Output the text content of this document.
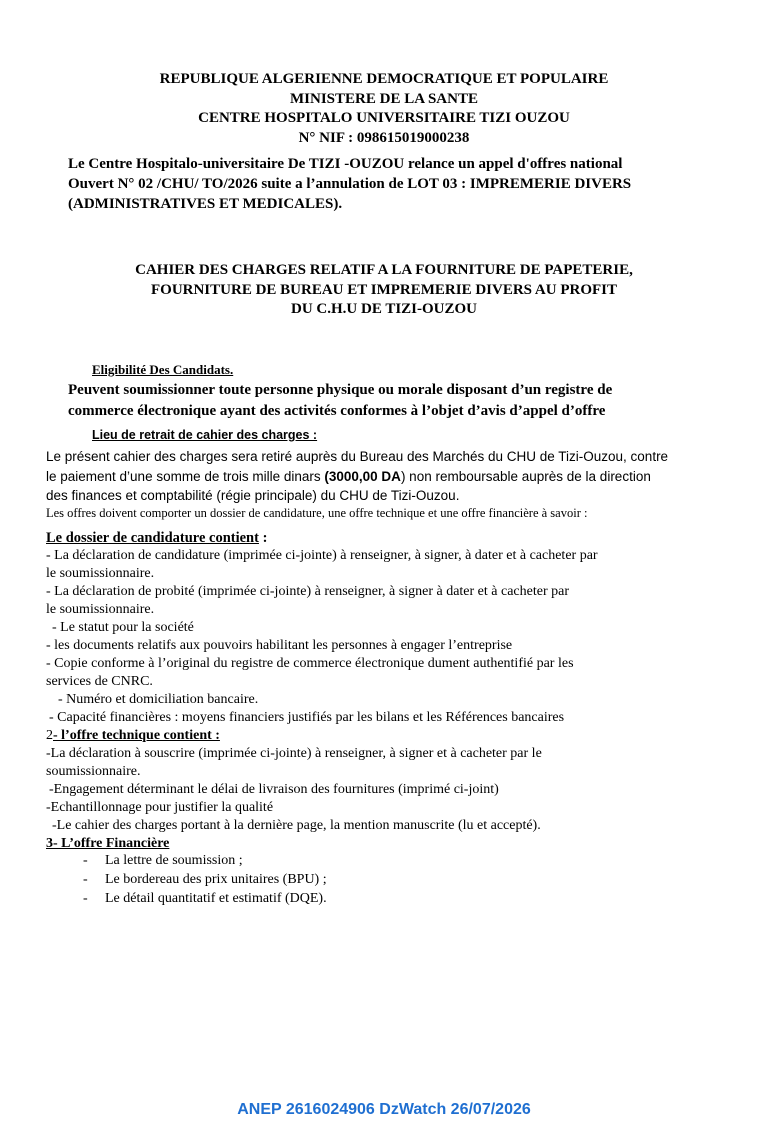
REPUBLIQUE ALGERIENNE DEMOCRATIQUE ET POPULAIRE
MINISTERE DE LA SANTE
CENTRE HOSPITALO UNIVERSITAIRE TIZI OUZOU
N° NIF : 098615019000238
Le Centre Hospitalo-universitaire De TIZI -OUZOU relance un appel d'offres national
Ouvert N° 02 /CHU/ TO/2026 suite a l’annulation de LOT 03 : IMPREMERIE DIVERS
(ADMINISTRATIVES ET MEDICALES).
CAHIER DES CHARGES RELATIF A LA FOURNITURE DE PAPETERIE,
FOURNITURE DE BUREAU ET IMPREMERIE DIVERS AU PROFIT
DU C.H.U DE TIZI-OUZOU
Eligibilité Des Candidats.
Peuvent soumissionner toute personne physique ou morale disposant d’un registre de
commerce électronique ayant des activités conformes à l’objet d’avis d’appel d’offre
Lieu de retrait de cahier des charges :
Le présent cahier des charges sera retiré auprès du Bureau des Marchés du CHU de Tizi-Ouzou, contre
le paiement d’une somme de trois mille dinars (3000,00 DA) non remboursable auprès de la direction
des finances et comptabilité (régie principale) du CHU de Tizi-Ouzou.
Les offres doivent comporter un dossier de candidature, une offre technique et une offre financière à savoir :
Le dossier de candidature contient :
- La déclaration de candidature (imprimée ci-jointe) à renseigner, à signer, à dater et à cacheter par
le soumissionnaire.
- La déclaration de probité (imprimée ci-jointe) à renseigner, à signer à dater et à cacheter par
le soumissionnaire.
- Le statut pour la société
- les documents relatifs aux pouvoirs habilitant les personnes à engager l’entreprise
- Copie conforme à l’original du registre de commerce électronique dument authentifié par les
services de CNRC.
- Numéro et domiciliation bancaire.
- Capacité financières : moyens financiers justifiés par les bilans et les Références bancaires
2- l’offre technique contient :
-La déclaration à souscrire (imprimée ci-jointe) à renseigner, à signer et à cacheter par le
soumissionnaire.
-Engagement déterminant le délai de livraison des fournitures (imprimé ci-joint)
-Echantillonnage pour justifier la qualité
-Le cahier des charges portant à la dernière page, la mention manuscrite (lu et accepté).
3- L’offre Financière
- La lettre de soumission ;
- Le bordereau des prix unitaires (BPU) ;
- Le détail quantitatif et estimatif (DQE).
ANEP 2616024906 DzWatch 26/07/2026
